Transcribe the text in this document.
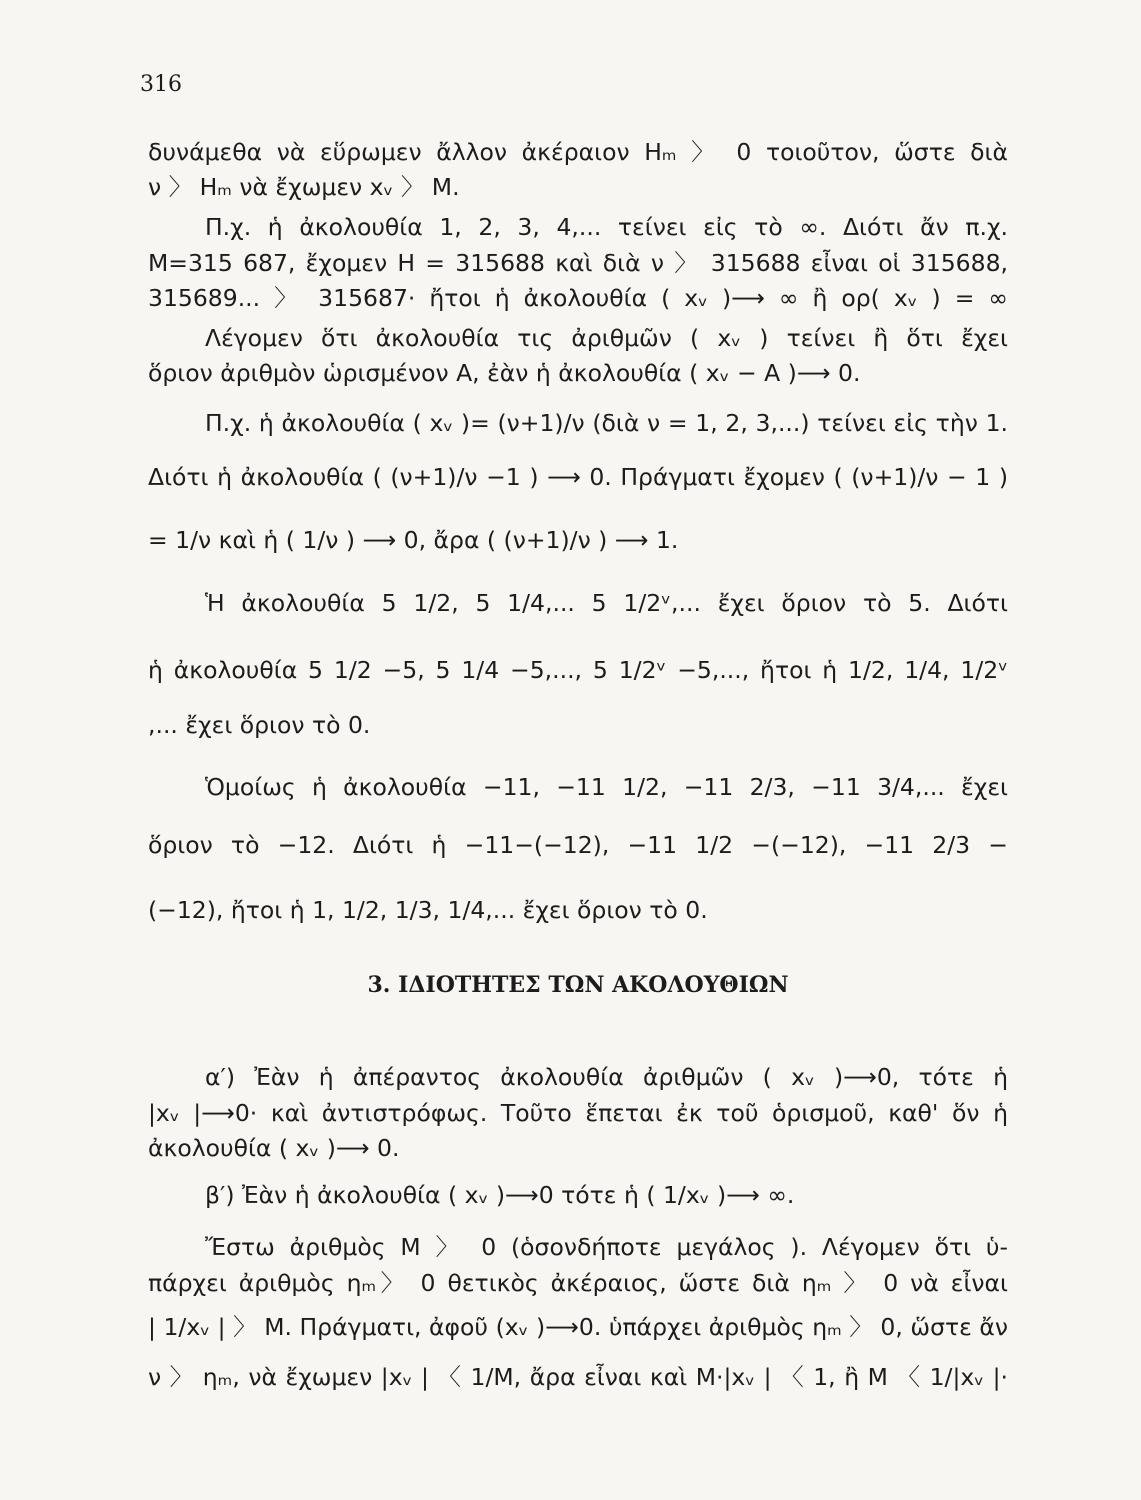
316
δυνάμεθα νὰ εὕρωμεν ἄλλον ἀκέραιον Hₘ 〉 0 τοιοῦτον, ὥστε διὰ
ν 〉 Hₘ νὰ ἔχωμεν xᵥ 〉 M.
Π.χ. ἡ ἀκολουθία 1, 2, 3, 4,... τείνει εἰς τὸ ∞. Διότι ἄν π.χ.
M=315 687, ἔχομεν H = 315688 καὶ διὰ ν 〉 315688 εἶναι οἱ 315688,
315689... 〉 315687· ἤτοι ἡ ἀκολουθία ( xᵥ )⟶ ∞ ἢ ορ( xᵥ ) = ∞
Λέγομεν ὅτι ἀκολουθία τις ἀριθμῶν ( xᵥ ) τείνει ἢ ὅτι ἔχει
ὅριον ἀριθμὸν ὡρισμένον A, ἐὰν ἡ ἀκολουθία ( xᵥ − A )⟶ 0.
Π.χ. ἡ ἀκολουθία ( xᵥ )= (ν+1)/ν (διὰ ν = 1, 2, 3,...) τείνει εἰς τὴν 1.
Διότι ἡ ἀκολουθία ( (ν+1)/ν −1 ) ⟶ 0. Πράγματι ἔχομεν ( (ν+1)/ν − 1 )
= 1/ν καὶ ἡ ( 1/ν ) ⟶ 0, ἄρα ( (ν+1)/ν ) ⟶ 1.
Ἡ ἀκολουθία 5 1/2, 5 1/4,... 5 1/2ᵛ,... ἔχει ὅριον τὸ 5. Διότι
ἡ ἀκολουθία 5 1/2 −5, 5 1/4 −5,..., 5 1/2ᵛ −5,..., ἤτοι ἡ 1/2, 1/4, 1/2ᵛ
,... ἔχει ὅριον τὸ 0.
Ὁμοίως ἡ ἀκολουθία −11, −11 1/2, −11 2/3, −11 3/4,... ἔχει
ὅριον τὸ −12. Διότι ἡ −11−(−12), −11 1/2 −(−12), −11 2/3 −
(−12), ἤτοι ἡ 1, 1/2, 1/3, 1/4,... ἔχει ὅριον τὸ 0.
3. ΙΔΙΟΤΗΤΕΣ ΤΩΝ ΑΚΟΛΟΥΘΙΩΝ
α′) Ἐὰν ἡ ἀπέραντος ἀκολουθία ἀριθμῶν ( xᵥ )⟶0, τότε ἡ
|xᵥ |⟶0· καὶ ἀντιστρόφως. Τοῦτο ἕπεται ἐκ τοῦ ὁρισμοῦ, καθ' ὅν ἡ
ἀκολουθία ( xᵥ )⟶ 0.
β′) Ἐὰν ἡ ἀκολουθία ( xᵥ )⟶0 τότε ἡ ( 1/xᵥ )⟶ ∞.
Ἔστω ἀριθμὸς M 〉 0 (ὁσονδήποτε μεγάλος ). Λέγομεν ὅτι ὑ-
πάρχει ἀριθμὸς ηₘ〉 0 θετικὸς ἀκέραιος, ὥστε διὰ ηₘ 〉 0 νὰ εἶναι
| 1/xᵥ | 〉 M. Πράγματι, ἀφοῦ (xᵥ )⟶0. ὑπάρχει ἀριθμὸς ηₘ 〉 0, ὥστε ἄν
ν 〉 ηₘ, νὰ ἔχωμεν |xᵥ | 〈 1/M, ἄρα εἶναι καὶ M·|xᵥ | 〈 1, ἢ M 〈 1/|xᵥ |·
